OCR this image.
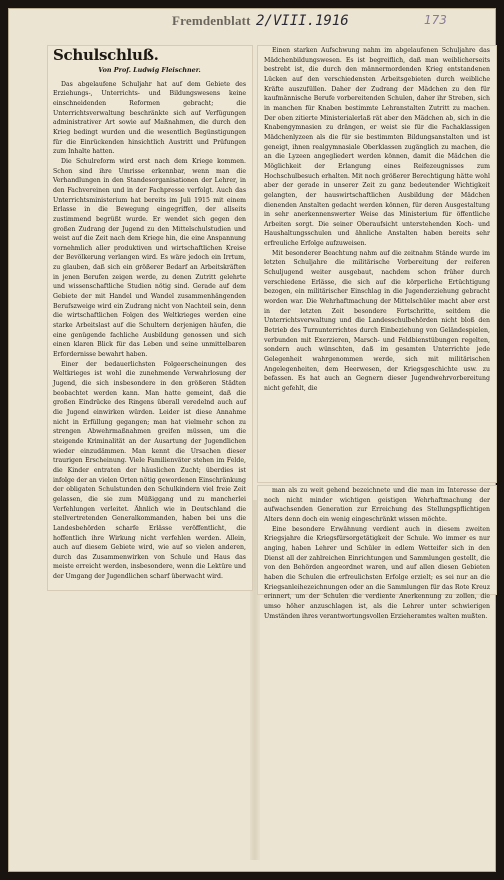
Fremdenblatt 2/VIII.1916	173

Schulschluß.

Von Prof. Ludwig Fleischner.

Das abgelaufene Schuljahr hat auf dem Gebiete des Erziehungs-, Unterrichts- und Bildungswesens keine einschneidenden Reformen gebracht; die Unterrichtsverwaltung beschränkte sich auf Verfügungen administrativer Art sowie auf Maßnahmen, die durch den Krieg bedingt wurden und die wesentlich Begünstigungen für die Einrückenden hinsichtlich Austritt und Prüfungen zum Inhalte hatten.

Die Schulreform wird erst nach dem Kriege kommen. Schon sind ihre Umrisse erkennbar, wenn man die Verhandlungen in den Standesorganisationen der Lehrer, in den Fachvereinen und in der Fachpresse verfolgt. Auch das Unterrichtsministerium hat bereits im Juli 1915 mit einem Erlasse in die Bewegung eingegriffen, der allseits zustimmend begrüßt wurde. Er wendet sich gegen den großen Zudrang der Jugend zu den Mittelschulstudien und weist auf die Zeit nach dem Kriege hin, die eine Anspannung vornehmlich aller produktiven und wirtschaftlichen Kreise der Bevölkerung verlangen wird. Es wäre jedoch ein Irrtum, zu glauben, daß sich ein größerer Bedarf an Arbeitskräften in jenen Berufen zeigen werde, zu denen Zutritt gelehrte und wissenschaftliche Studien nötig sind. Gerade auf dem Gebiete der mit Handel und Wandel zusammenhängenden Berufszweige wird ein Zudrang nicht von Nachteil sein, denn die wirtschaftlichen Folgen des Weltkrieges werden eine starke Arbeitslast auf die Schultern derjenigen häufen, die eine genügende fachliche Ausbildung genossen und sich einen klaren Blick für das Leben und seine unmittelbaren Erfordernisse bewahrt haben.

Einer der bedauerlichsten Folgeerscheinungen des Weltkrieges ist wohl die zunehmende Verwahrlosung der Jugend, die sich insbesondere in den größeren Städten beobachtet werden kann. Man hatte gemeint, daß die großen Eindrücke des Ringens überall veredelnd auch auf die Jugend einwirken würden. Leider ist diese Annahme nicht in Erfüllung gegangen; man hat vielmehr schon zu strengen Abwehrmaßnahmen greifen müssen, um die steigende Kriminalität an der Ausartung der Jugendlichen wieder einzudämmen. Man kennt die Ursachen dieser traurigen Erscheinung. Viele Familienväter stehen im Felde, die Kinder entraten der häuslichen Zucht; überdies ist infolge der an vielen Orten nötig gewordenen Einschränkung der obligaten Schulstunden den Schulkindern viel freie Zeit gelassen, die sie zum Müßiggang und zu mancherlei Verfehlungen verleitet. Ähnlich wie in Deutschland die stellvertretenden Generalkommanden, haben bei uns die Landesbehörden scharfe Erlässe veröffentlicht, die hoffentlich ihre Wirkung nicht verfehlen werden. Allein, auch auf diesem Gebiete wird, wie auf so vielen anderen, durch das Zusammenwirken von Schule und Haus das meiste erreicht werden, insbesondere, wenn die Lektüre und der Umgang der Jugendlichen scharf überwacht wird.

Einen starken Aufschwung nahm im abgelaufenen Schuljahre das Mädchenbildungswesen. Es ist begreiflich, daß man weiblicherseits bestrebt ist, die durch den männermordenden Krieg entstandenen Lücken auf den verschiedensten Arbeitsgebieten durch weibliche Kräfte auszufüllen. Daher der Zudrang der Mädchen zu den für kaufmännische Berufe vorbereitenden Schulen, daher ihr Streben, sich in manchen für Knaben bestimmte Lehranstalten Zutritt zu machen. Der oben zitierte Ministerialerlaß rät aber den Mädchen ab, sich in die Knabengymnasien zu drängen, er weist sie für die Fachaklassigen Mädchenlyzeen als die für sie bestimmten Bildungsanstalten und ist geneigt, ihnen realgymnasiale Oberklassen zugänglich zu machen, die an die Lyzeen angegliedert werden können, damit die Mädchen die Möglichkeit der Erlangung eines Reifezeugnisses zum Hochschulbesuch erhalten. Mit noch größerer Berechtigung hätte wohl aber der gerade in unserer Zeit zu ganz bedeutender Wichtigkeit gelangten, der hauswirtschaftlichen Ausbildung der Mädchen dienenden Anstalten gedacht werden können, für deren Ausgestaltung in sehr anerkennenswerter Weise das Ministerium für öffentliche Arbeiten sorgt. Die seiner Oberaufsicht unterstehenden Koch- und Haushaltungsschulen und ähnliche Anstalten haben bereits sehr erfreuliche Erfolge aufzuweisen.

Mit besonderer Beachtung nahm auf die zeitnahm Stände wurde im letzten Schuljahre die militärische Vorbereitung der reiferen Schuljugend weiter ausgebaut, nachdem schon früher durch verschiedene Erlässe, die sich auf die körperliche Ertüchtigung bezogen, ein militärischer Einschlag in die Jugenderziehung gebracht worden war. Die Wehrhaftmachung der Mittelschüler macht aber erst in der letzten Zeit besondere Fortschritte, seitdem die Unterrichtsverwaltung und die Landesschulbehörden nicht bloß den Betrieb des Turnunterrichtes durch Einbeziehung von Geländespielen, verbunden mit Exerzieren, Marsch- und Feldbienstübungen regelten, sondern auch wünschten, daß im gesamten Unterrichte jede Gelegenheit wahrgenommen werde, sich mit militärischen Angelegenheiten, dem Heerwesen, der Kriegsgeschichte usw. zu befassen. Es hat auch an Gegnern dieser Jugendwehrvorbereitung nicht gefehlt, die

man als zu weit gehend bezeichnete und die man im Interesse der noch nicht minder wichtigen geistigen Wehrhaftmachung der aufwachsenden Generation zur Erreichung des Stellungspflichtigen Alters denn doch ein wenig eingeschränkt wissen möchte.

Eine besondere Erwähnung verdient auch in diesem zweiten Kriegsjahre die Kriegsfürsorgetätigkeit der Schule. Wo immer es nur anging, haben Lehrer und Schüler in edlem Wetteifer sich in den Dienst all der zahlreichen Einrichtungen und Sammlungen gestellt, die von den Behörden angeordnet waren, und auf allen diesen Gebieten haben die Schulen die erfreulichsten Erfolge erzielt; es sei nur an die Kriegsanleihezeichnungen oder an die Sammlungen für das Rote Kreuz erinnert, um der Schulen die verdiente Anerkennung zu zollen, die umso höher anzuschlagen ist, als die Lehrer unter schwierigen Umständen ihres verantwortungsvollen Erzieheramtes walten mußten.
